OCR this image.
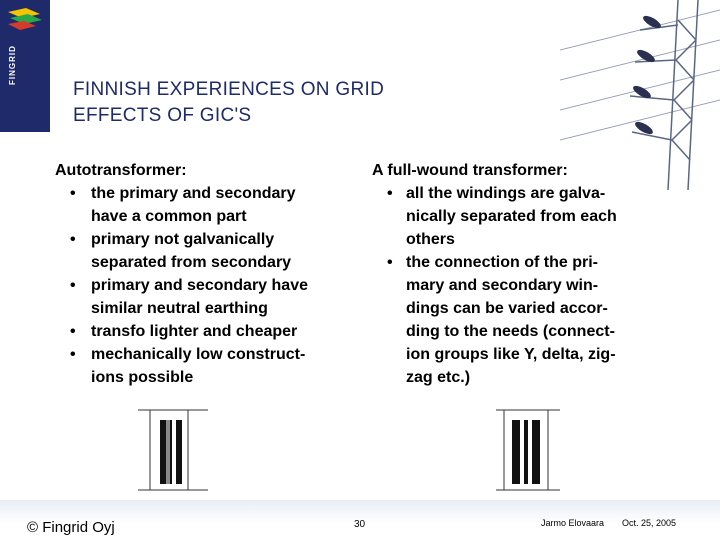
FINGRID
FINNISH EXPERIENCES ON GRID
EFFECTS OF GIC'S
Autotransformer:
• the primary and secondary
have a common part
• primary not galvanically
separated from secondary
• primary and secondary have
similar neutral earthing
• transfo lighter and cheaper
• mechanically low construct-
ions possible
A full-wound transformer:
• all the windings are galva-
nically separated from each
others
• the connection of the pri-
mary and secondary win-
dings can be varied accor-
ding to the needs (connect-
ion groups like Y, delta, zig-
zag etc.)
© Fingrid Oyj	30	Jarmo Elovaara Oct. 25, 2005
